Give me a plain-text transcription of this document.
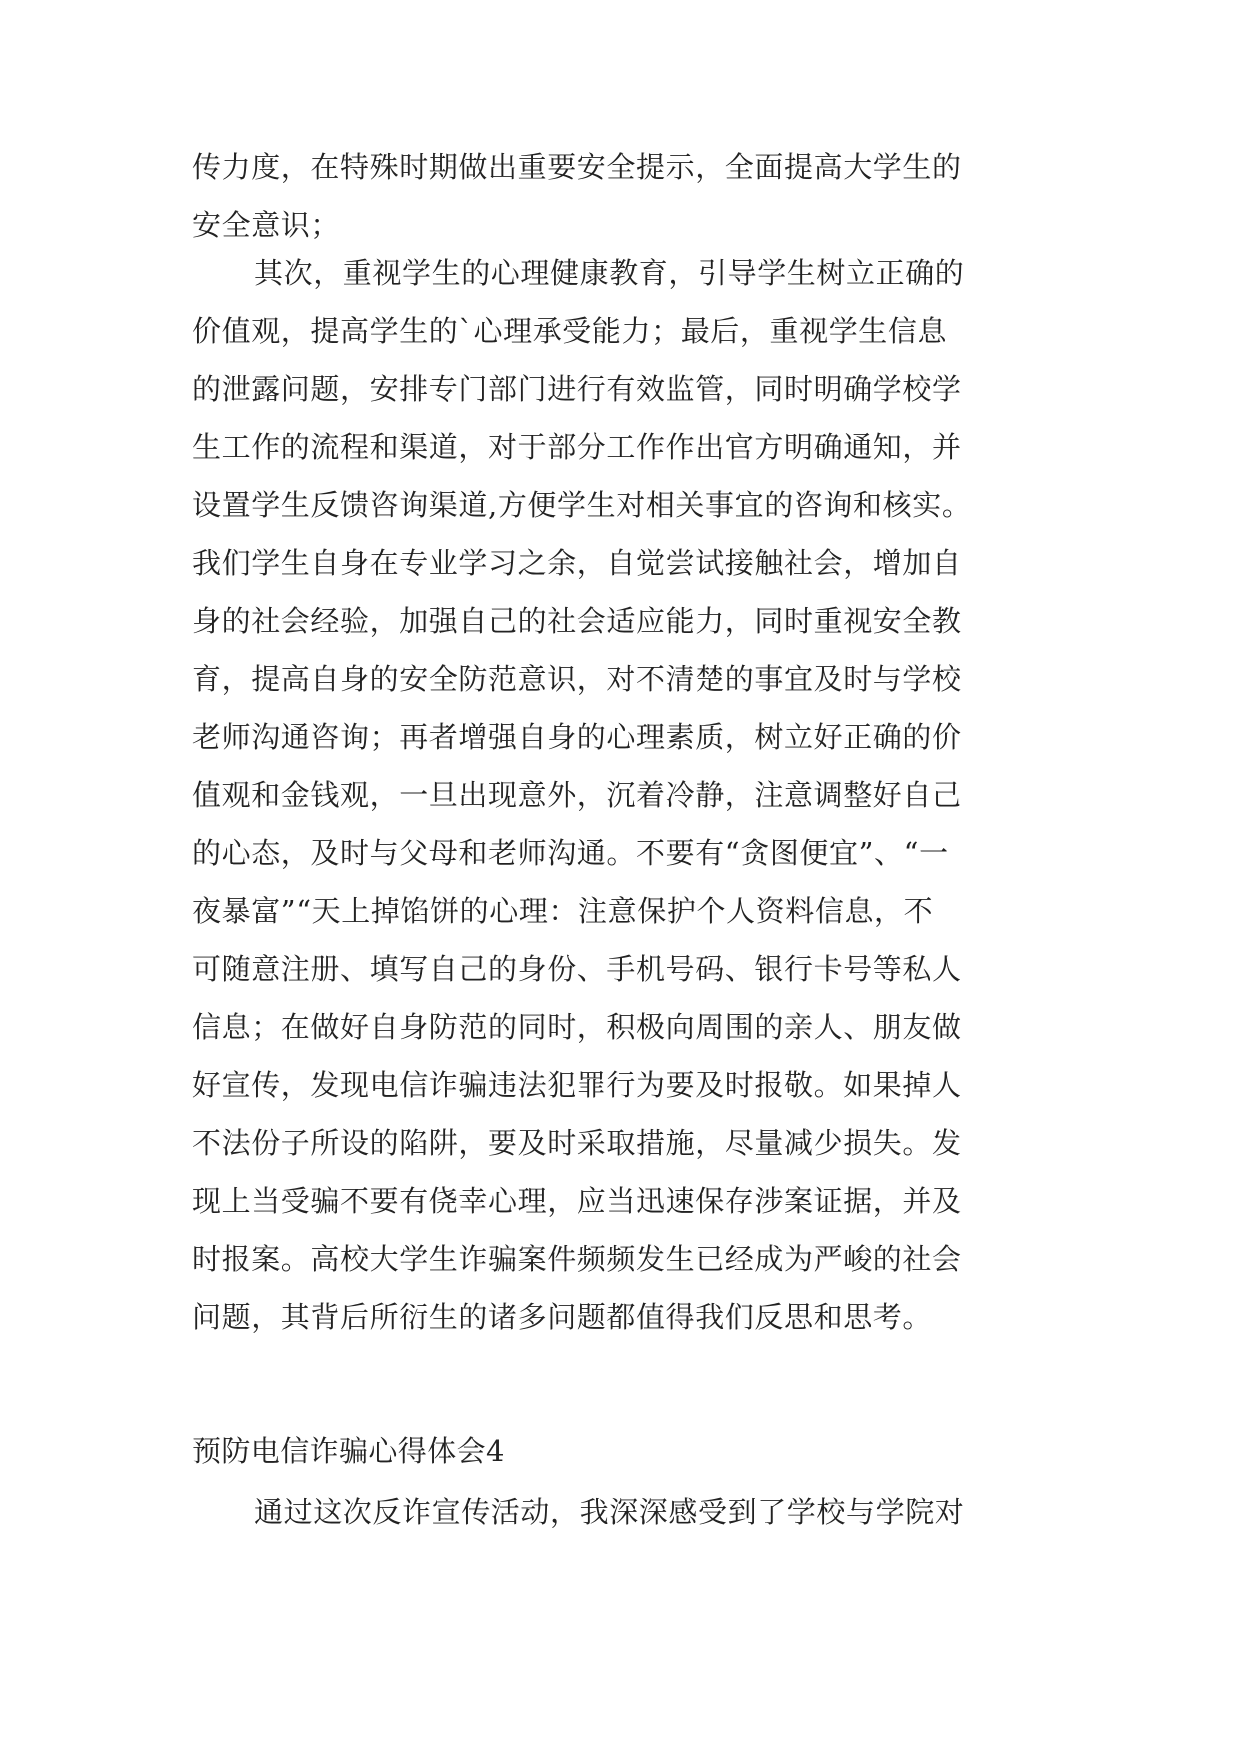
传力度，在特殊时期做出重要安全提示，全面提高大学生的
安全意识；
其次，重视学生的心理健康教育，引导学生树立正确的
价值观，提高学生的`心理承受能力；最后，重视学生信息
的泄露问题，安排专门部门进行有效监管，同时明确学校学
生工作的流程和渠道，对于部分工作作出官方明确通知，并
设置学生反馈咨询渠道,方便学生对相关事宜的咨询和核实。
我们学生自身在专业学习之余，自觉尝试接触社会，增加自
身的社会经验，加强自己的社会适应能力，同时重视安全教
育，提高自身的安全防范意识，对不清楚的事宜及时与学校
老师沟通咨询；再者增强自身的心理素质，树立好正确的价
值观和金钱观，一旦出现意外，沉着冷静，注意调整好自己
的心态，及时与父母和老师沟通。不要有“贪图便宜”、“一
夜暴富”“天上掉馅饼的心理：注意保护个人资料信息，不
可随意注册、填写自己的身份、手机号码、银行卡号等私人
信息；在做好自身防范的同时，积极向周围的亲人、朋友做
好宣传，发现电信诈骗违法犯罪行为要及时报敬。如果掉人
不法份子所设的陷阱，要及时采取措施，尽量减少损失。发
现上当受骗不要有侥幸心理，应当迅速保存涉案证据，并及
时报案。高校大学生诈骗案件频频发生已经成为严峻的社会
问题，其背后所衍生的诸多问题都值得我们反思和思考。
预防电信诈骗心得体会4
通过这次反诈宣传活动，我深深感受到了学校与学院对
